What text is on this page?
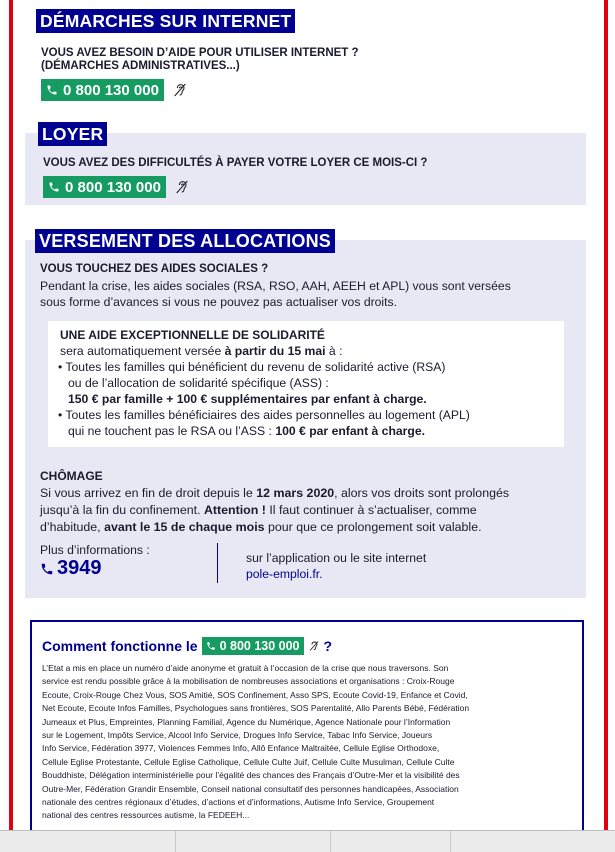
DÉMARCHES SUR INTERNET
VOUS AVEZ BESOIN D’AIDE POUR UTILISER INTERNET ?
(DÉMARCHES ADMINISTRATIVES...)
0 800 130 000
LOYER
VOUS AVEZ DES DIFFICULTÉS À PAYER VOTRE LOYER CE MOIS-CI ?
0 800 130 000
VERSEMENT DES ALLOCATIONS
VOUS TOUCHEZ DES AIDES SOCIALES ?
Pendant la crise, les aides sociales (RSA, RSO, AAH, AEEH et APL) vous sont versées
sous forme d’avances si vous ne pouvez pas actualiser vos droits.
UNE AIDE EXCEPTIONNELLE DE SOLIDARITÉ
sera automatiquement versée à partir du 15 mai à :
• Toutes les familles qui bénéficient du revenu de solidarité active (RSA)
ou de l’allocation de solidarité spécifique (ASS) :
150 € par famille + 100 € supplémentaires par enfant à charge.
• Toutes les familles bénéficiaires des aides personnelles au logement (APL)
qui ne touchent pas le RSA ou l’ASS : 100 € par enfant à charge.
CHÔMAGE
Si vous arrivez en fin de droit depuis le 12 mars 2020, alors vos droits sont prolongés
jusqu’à la fin du confinement. Attention ! Il faut continuer à s’actualiser, comme
d’habitude, avant le 15 de chaque mois pour que ce prolongement soit valable.
Plus d’informations :
3949	sur l’application ou le site internet
pole-emploi.fr.
Comment fonctionne le 0 800 130 000 ?
L’Etat a mis en place un numéro d’aide anonyme et gratuit à l’occasion de la crise que nous traversons. Son
service est rendu possible grâce à la mobilisation de nombreuses associations et organisations : Croix-Rouge
Ecoute, Croix-Rouge Chez Vous, SOS Amitié, SOS Confinement, Asso SPS, Ecoute Covid-19, Enfance et Covid,
Net Ecoute, Ecoute Infos Familles, Psychologues sans frontières, SOS Parentalité, Allo Parents Bébé, Fédération
Jumeaux et Plus, Empreintes, Planning Familial, Agence du Numérique, Agence Nationale pour l’Information
sur le Logement, Impôts Service, Alcool Info Service, Drogues Info Service, Tabac Info Service, Joueurs
Info Service, Fédération 3977, Violences Femmes Info, Allô Enfance Maltraitée, Cellule Eglise Orthodoxe,
Cellule Eglise Protestante, Cellule Eglise Catholique, Cellule Culte Juif, Cellule Culte Musulman, Cellule Culte
Bouddhiste, Délégation interministérielle pour l’égalité des chances des Français d’Outre-Mer et la visibilité des
Outre-Mer, Fédération Grandir Ensemble, Conseil national consultatif des personnes handicapées, Association
nationale des centres régionaux d’études, d’actions et d’informations, Autisme Info Service, Groupement
national des centres ressources autisme, la FEDEEH...
